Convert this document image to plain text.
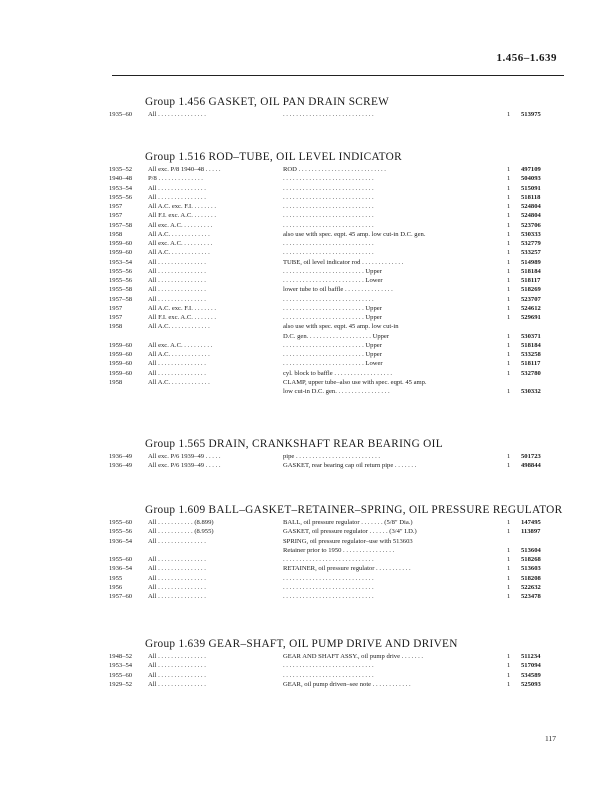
1.456–1.639
Group 1.456 GASKET, OIL PAN DRAIN SCREW
1935–60 All . . . . . . . . . . . . . . .	. . . . . . . . . . . . . . . . . . . . . . . . . . . .	1 513975
Group 1.516 ROD–TUBE, OIL LEVEL INDICATOR
1935–52 All exc. P/8 1940–48 . . . . .	ROD . . . . . . . . . . . . . . . . . . . . . . . . . . .	1 497109
1940–48 P/8 . . . . . . . . . . . . . .	. . . . . . . . . . . . . . . . . . . . . . . . . . . .	1 504093
1953–54 All . . . . . . . . . . . . . . .	. . . . . . . . . . . . . . . . . . . . . . . . . . . .	1 515091
1955–56 All . . . . . . . . . . . . . . .	. . . . . . . . . . . . . . . . . . . . . . . . . . . .	1 518118
1957	All A.C. exc. F.I. . . . . . . .	. . . . . . . . . . . . . . . . . . . . . . . . . . . .	1 524804
1957	All F.I. exc. A.C. . . . . . . .	. . . . . . . . . . . . . . . . . . . . . . . . . . . .	1 524804
1957–58 All exc. A.C. . . . . . . . . .	. . . . . . . . . . . . . . . . . . . . . . . . . . . .	1 523706
1958	All A.C. . . . . . . . . . . . .	also use with spec. eqpt. 45 amp. low cut-in D.C. gen.	1 530333
1959–60 All exc. A.C. . . . . . . . . .	. . . . . . . . . . . . . . . . . . . . . . . . . . . .	1 532779
1959–60 All A.C. . . . . . . . . . . . .	. . . . . . . . . . . . . . . . . . . . . . . . . . . .	1 533257
1953–54 All . . . . . . . . . . . . . . .	TUBE, oil level indicator rod . . . . . . . . . . . . .	1 514989
1955–56 All . . . . . . . . . . . . . . .	. . . . . . . . . . . . . . . . . . . . . . . . . Upper	1 518184
1955–56 All . . . . . . . . . . . . . . .	. . . . . . . . . . . . . . . . . . . . . . . . . Lower	1 518117
1955–58 All . . . . . . . . . . . . . . .	lower tube to oil baffle . . . . . . . . . . . . . . .	1 518269
1957–58 All . . . . . . . . . . . . . . .	. . . . . . . . . . . . . . . . . . . . . . . . . . . .	1 523707
1957	All A.C. exc. F.I. . . . . . . .	. . . . . . . . . . . . . . . . . . . . . . . . . Upper	1 524612
1957	All F.I. exc. A.C. . . . . . . .	. . . . . . . . . . . . . . . . . . . . . . . . . Upper	1 529691
1958	All A.C. . . . . . . . . . . . .	also use with spec. eqpt. 45 amp. low cut-in
D.C. gen. . . . . . . . . . . . . . . . . . . . Upper	1 530371
1959–60 All exc. A.C. . . . . . . . . .	. . . . . . . . . . . . . . . . . . . . . . . . . Upper	1 518184
1959–60 All A.C. . . . . . . . . . . . .	. . . . . . . . . . . . . . . . . . . . . . . . . Upper	1 533258
1959–60 All . . . . . . . . . . . . . . .	. . . . . . . . . . . . . . . . . . . . . . . . . Lower	1 518117
1959–60 All . . . . . . . . . . . . . . .	cyl. block to baffle . . . . . . . . . . . . . . . . . .	1 532780
1958	All A.C. . . . . . . . . . . . .	CLAMP, upper tube–also use with spec. eqpt. 45 amp.
low cut-in D.C. gen. . . . . . . . . . . . . . . . .	1 530332
Group 1.565 DRAIN, CRANKSHAFT REAR BEARING OIL
1936–49 All exc. P/6 1939–49 . . . . .	pipe . . . . . . . . . . . . . . . . . . . . . . . . . .	1 501723
1936–49 All exc. P/6 1939–49 . . . . .	GASKET, rear bearing cap oil return pipe . . . . . . .	1 498844
Group 1.609 BALL–GASKET–RETAINER–SPRING, OIL PRESSURE REGULATOR
1955–60 All . . . . . . . . . . . (8.899)	BALL, oil pressure regulator . . . . . . . (5/8" Dia.)	1 147495
1955–56 All . . . . . . . . . . . (8.955)	GASKET, oil pressure regulator . . . . . . (3/4" I.D.)	1 113897
1936–54 All . . . . . . . . . . . . . . .	SPRING, oil pressure regulator–use with 513603
Retainer prior to 1950 . . . . . . . . . . . . . . . .	1 513604
1955–60 All . . . . . . . . . . . . . . .	. . . . . . . . . . . . . . . . . . . . . . . . . . . .	1 518268
1936–54 All . . . . . . . . . . . . . . .	RETAINER, oil pressure regulator . . . . . . . . . . .	1 513603
1955	All . . . . . . . . . . . . . . .	. . . . . . . . . . . . . . . . . . . . . . . . . . . .	1 518208
1956	All . . . . . . . . . . . . . . .	. . . . . . . . . . . . . . . . . . . . . . . . . . . .	1 522632
1957–60 All . . . . . . . . . . . . . . .	. . . . . . . . . . . . . . . . . . . . . . . . . . . .	1 523478
Group 1.639 GEAR–SHAFT, OIL PUMP DRIVE AND DRIVEN
1948–52 All . . . . . . . . . . . . . . .	GEAR AND SHAFT ASSY., oil pump drive . . . . . . .	1 511234
1953–54 All . . . . . . . . . . . . . . .	. . . . . . . . . . . . . . . . . . . . . . . . . . . .	1 517094
1955–60 All . . . . . . . . . . . . . . .	. . . . . . . . . . . . . . . . . . . . . . . . . . . .	1 534589
1929–52 All . . . . . . . . . . . . . . .	GEAR, oil pump driven–see note . . . . . . . . . . . .	1 525093
117
